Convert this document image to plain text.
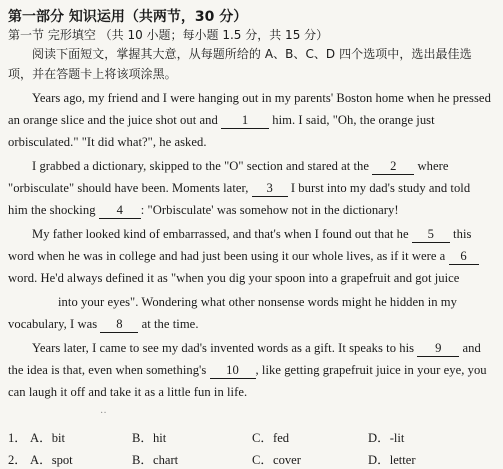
第一部分 知识运用（共两节，30 分）
第一节 完形填空 （共 10 小题；每小题 1.5 分，共 15 分）
阅读下面短文，掌握其大意，从每题所给的 A、B、C、D 四个选项中，选出最佳选
项，并在答题卡上将该项涂黑。
Years ago, my friend and I were hanging out in my parents' Boston home when he pressed
an orange slice and the juice shot out and 1 him. I said, "Oh, the orange just
orbisculated." "It did what?", he asked.
I grabbed a dictionary, skipped to the "O" section and stared at the 2 where
"orbisculate" should have been. Moments later, 3 I burst into my dad's study and told
him the shocking 4 : "Orbisculate' was somehow not in the dictionary!
My father looked kind of embarrassed, and that's when I found out that he 5 this
word when he was in college and had just been using it our whole lives, as if it were a 6
word. He'd always defined it as "when you dig your spoon into a grapefruit and got juice
into your eyes". Wondering what other nonsense words might he hidden in my
vocabulary, I was 8 at the time.
Years later, I came to see my dad's invented words as a gift. It speaks to his 9 and
the idea is that, even when something's 10 , like getting grapefruit juice in your eye, you
can laugh it off and take it as a little fun in life.
··
1． A．bit	B．hit	C．fed	D．-lit
2． A．spot	B．chart	C．cover	D．letter
